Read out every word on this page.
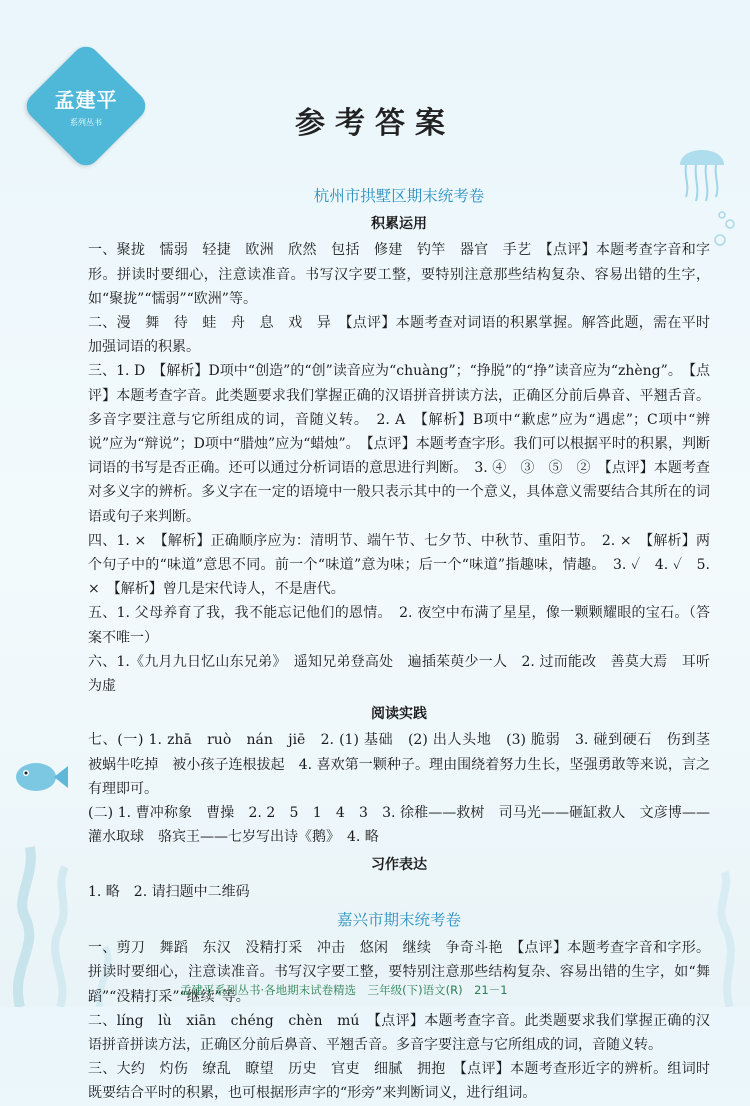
孟建平
系列丛书	参考答案
杭州市拱墅区期末统考卷
积累运用

一、聚拢　懦弱　轻捷　欧洲　欣然　包括　修建　钓竿　器官　手艺　【点评】本题考查字音和字形。拼读时要细心，注意读准音。书写汉字要工整，要特别注意那些结构复杂、容易出错的生字，如“聚拢”“懦弱”“欧洲”等。

二、漫　舞　待　蛙　舟　息　戏　异　【点评】本题考查对词语的积累掌握。解答此题，需在平时加强词语的积累。

三、1. D　【解析】D项中“创造”的“创”读音应为“chuàng”；“挣脱”的“挣”读音应为“zhèng”。　【点评】本题考查字音。此类题要求我们掌握正确的汉语拼音拼读方法，正确区分前后鼻音、平翘舌音。多音字要注意与它所组成的词，音随义转。　2. A　【解析】B项中“歉虑”应为“遇虑”；C项中“辨说”应为“辩说”；D项中“腊烛”应为“蜡烛”。　【点评】本题考查字形。我们可以根据平时的积累，判断词语的书写是否正确。还可以通过分析词语的意思进行判断。　3. ④　③　⑤　②　【点评】本题考查对多义字的辨析。多义字在一定的语境中一般只表示其中的一个意义，具体意义需要结合其所在的词语或句子来判断。

四、1. ×　【解析】正确顺序应为：清明节、端午节、七夕节、中秋节、重阳节。　2. ×　【解析】两个句子中的“味道”意思不同。前一个“味道”意为味；后一个“味道”指趣味，情趣。　3. ✓　4. ✓　5. ×　【解析】曾几是宋代诗人，不是唐代。

五、1. 父母养育了我，我不能忘记他们的恩情。　2. 夜空中布满了星星，像一颗颗耀眼的宝石。（答案不唯一）

六、1.《九月九日忆山东兄弟》　遥知兄弟登高处　遍插茱萸少一人　2. 过而能改　善莫大焉　耳听为虚

阅读实践

七、(一) 1. zhā　ruò　nán　jiē　2. (1) 基础　(2) 出人头地　(3) 脆弱　3. 碰到硬石　伤到茎　被蜗牛吃掉　被小孩子连根拔起　4. 喜欢第一颗种子。理由围绕着努力生长，坚强勇敢等来说，言之有理即可。

(二) 1. 曹冲称象　曹操　2. 2　5　1　4　3　3. 徐稚——救树　司马光——砸缸救人　文彦博——灌水取球　骆宾王——七岁写出诗《鹅》　4. 略

习作表达

1. 略　2. 请扫题中二维码

嘉兴市期末统考卷

一、剪刀　舞蹈　东汉　没精打采　冲击　悠闲　继续　争奇斗艳　【点评】本题考查字音和字形。拼读时要细心，注意读准音。书写汉字要工整，要特别注意那些结构复杂、容易出错的生字，如“舞蹈”“没精打采”“继续”等。

二、líng　lù　xiān　chéng　chèn　mú　【点评】本题考查字音。此类题要求我们掌握正确的汉语拼音拼读方法，正确区分前后鼻音、平翘舌音。多音字要注意与它所组成的词，音随义转。

三、大约　灼伤　缭乱　瞭望　历史　官吏　细腻　拥抱　【点评】本题考查形近字的辨析。组词时既要结合平时的积累，也可根据形声字的“形旁”来判断词义，进行组词。

孟建平系列丛书·各地期末试卷精选　三年级(下)语文(R)　21－1
